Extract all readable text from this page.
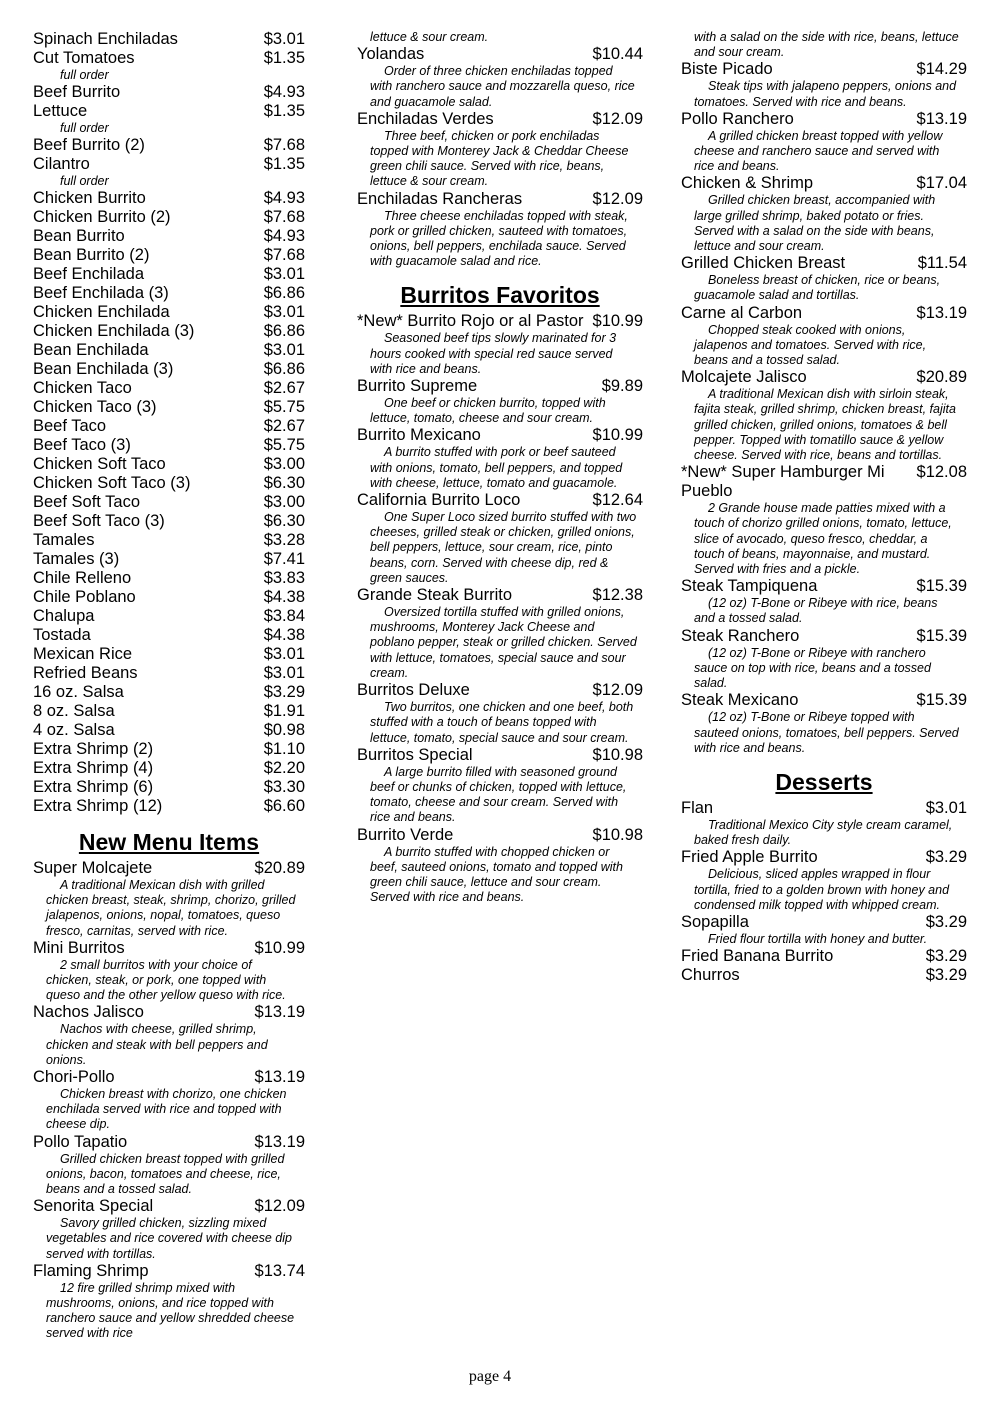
Spinach Enchiladas	$3.01
Cut Tomatoes	$1.35
full order
Beef Burrito	$4.93
Lettuce	$1.35
full order
Beef Burrito (2)	$7.68
Cilantro	$1.35
full order
Chicken Burrito	$4.93
Chicken Burrito (2)	$7.68
Bean Burrito	$4.93
Bean Burrito (2)	$7.68
Beef Enchilada	$3.01
Beef Enchilada (3)	$6.86
Chicken Enchilada	$3.01
Chicken Enchilada (3)	$6.86
Bean Enchilada	$3.01
Bean Enchilada (3)	$6.86
Chicken Taco	$2.67
Chicken Taco (3)	$5.75
Beef Taco	$2.67
Beef Taco (3)	$5.75
Chicken Soft Taco	$3.00
Chicken Soft Taco (3)	$6.30
Beef Soft Taco	$3.00
Beef Soft Taco (3)	$6.30
Tamales	$3.28
Tamales (3)	$7.41
Chile Relleno	$3.83
Chile Poblano	$4.38
Chalupa	$3.84
Tostada	$4.38
Mexican Rice	$3.01
Refried Beans	$3.01
16 oz. Salsa	$3.29
8 oz. Salsa	$1.91
4 oz. Salsa	$0.98
Extra Shrimp (2)	$1.10
Extra Shrimp (4)	$2.20
Extra Shrimp (6)	$3.30
Extra Shrimp (12)	$6.60
New Menu Items
Super Molcajete	$20.89
A traditional Mexican dish with grilled chicken breast, steak, shrimp, chorizo, grilled jalapenos, onions, nopal, tomatoes, queso fresco, carnitas, served with rice.
Mini Burritos	$10.99
2 small burritos with your choice of chicken, steak, or pork, one topped with queso and the other yellow queso with rice.
Nachos Jalisco	$13.19
Nachos with cheese, grilled shrimp, chicken and steak with bell peppers and onions.
Chori-Pollo	$13.19
Chicken breast with chorizo, one chicken enchilada served with rice and topped with cheese dip.
Pollo Tapatio	$13.19
Grilled chicken breast topped with grilled onions, bacon, tomatoes and cheese, rice, beans and a tossed salad.
Senorita Special	$12.09
Savory grilled chicken, sizzling mixed vegetables and rice covered with cheese dip served with tortillas.
Flaming Shrimp	$13.74
12 fire grilled shrimp mixed with mushrooms, onions, and rice topped with ranchero sauce and yellow shredded cheese served with rice
lettuce & sour cream.
Yolandas	$10.44
Order of three chicken enchiladas topped with ranchero sauce and mozzarella queso, rice and guacamole salad.
Enchiladas Verdes	$12.09
Three beef, chicken or pork enchiladas topped with Monterey Jack & Cheddar Cheese green chili sauce. Served with rice, beans, lettuce & sour cream.
Enchiladas Rancheras	$12.09
Three cheese enchiladas topped with steak, pork or grilled chicken, sauteed with tomatoes, onions, bell peppers, enchilada sauce. Served with guacamole salad and rice.
Burritos Favoritos
*New* Burrito Rojo or al Pastor $10.99
Seasoned beef tips slowly marinated for 3 hours cooked with special red sauce served with rice and beans.
Burrito Supreme	$9.89
One beef or chicken burrito, topped with lettuce, tomato, cheese and sour cream.
Burrito Mexicano	$10.99
A burrito stuffed with pork or beef sauteed with onions, tomato, bell peppers, and topped with cheese, lettuce, tomato and guacamole.
California Burrito Loco	$12.64
One Super Loco sized burrito stuffed with two cheeses, grilled steak or chicken, grilled onions, bell peppers, lettuce, sour cream, rice, pinto beans, corn. Served with cheese dip, red & green sauces.
Grande Steak Burrito	$12.38
Oversized tortilla stuffed with grilled onions, mushrooms, Monterey Jack Cheese and poblano pepper, steak or grilled chicken. Served with lettuce, tomatoes, special sauce and sour cream.
Burritos Deluxe	$12.09
Two burritos, one chicken and one beef, both stuffed with a touch of beans topped with lettuce, tomato, special sauce and sour cream.
Burritos Special	$10.98
A large burrito filled with seasoned ground beef or chunks of chicken, topped with lettuce, tomato, cheese and sour cream. Served with rice and beans.
Burrito Verde	$10.98
A burrito stuffed with chopped chicken or beef, sauteed onions, tomato and topped with green chili sauce, lettuce and sour cream. Served with rice and beans.
with a salad on the side with rice, beans, lettuce and sour cream.
Biste Picado	$14.29
Steak tips with jalapeno peppers, onions and tomatoes. Served with rice and beans.
Pollo Ranchero	$13.19
A grilled chicken breast topped with yellow cheese and ranchero sauce and served with rice and beans.
Chicken & Shrimp	$17.04
Grilled chicken breast, accompanied with large grilled shrimp, baked potato or fries. Served with a salad on the side with beans, lettuce and sour cream.
Grilled Chicken Breast	$11.54
Boneless breast of chicken, rice or beans, guacamole salad and tortillas.
Carne al Carbon	$13.19
Chopped steak cooked with onions, jalapenos and tomatoes. Served with rice, beans and a tossed salad.
Molcajete Jalisco	$20.89
A traditional Mexican dish with sirloin steak, fajita steak, grilled shrimp, chicken breast, fajita grilled chicken, grilled onions, tomatoes & bell pepper. Topped with tomatillo sauce & yellow cheese. Served with rice, beans and tortillas.
*New* Super Hamburger Mi Pueblo
$12.08
2 Grande house made patties mixed with a touch of chorizo grilled onions, tomato, lettuce, slice of avocado, queso fresco, cheddar, a touch of beans, mayonnaise, and mustard. Served with fries and a pickle.
Steak Tampiquena	$15.39
(12 oz) T-Bone or Ribeye with rice, beans and a tossed salad.
Steak Ranchero	$15.39
(12 oz) T-Bone or Ribeye with ranchero sauce on top with rice, beans and a tossed salad.
Steak Mexicano	$15.39
(12 oz) T-Bone or Ribeye topped with sauteed onions, tomatoes, bell peppers. Served with rice and beans.
Desserts
Flan	$3.01
Traditional Mexico City style cream caramel, baked fresh daily.
Fried Apple Burrito	$3.29
Delicious, sliced apples wrapped in flour tortilla, fried to a golden brown with honey and condensed milk topped with whipped cream.
Sopapilla	$3.29
Fried flour tortilla with honey and butter.
Fried Banana Burrito	$3.29
Churros	$3.29
page 4
